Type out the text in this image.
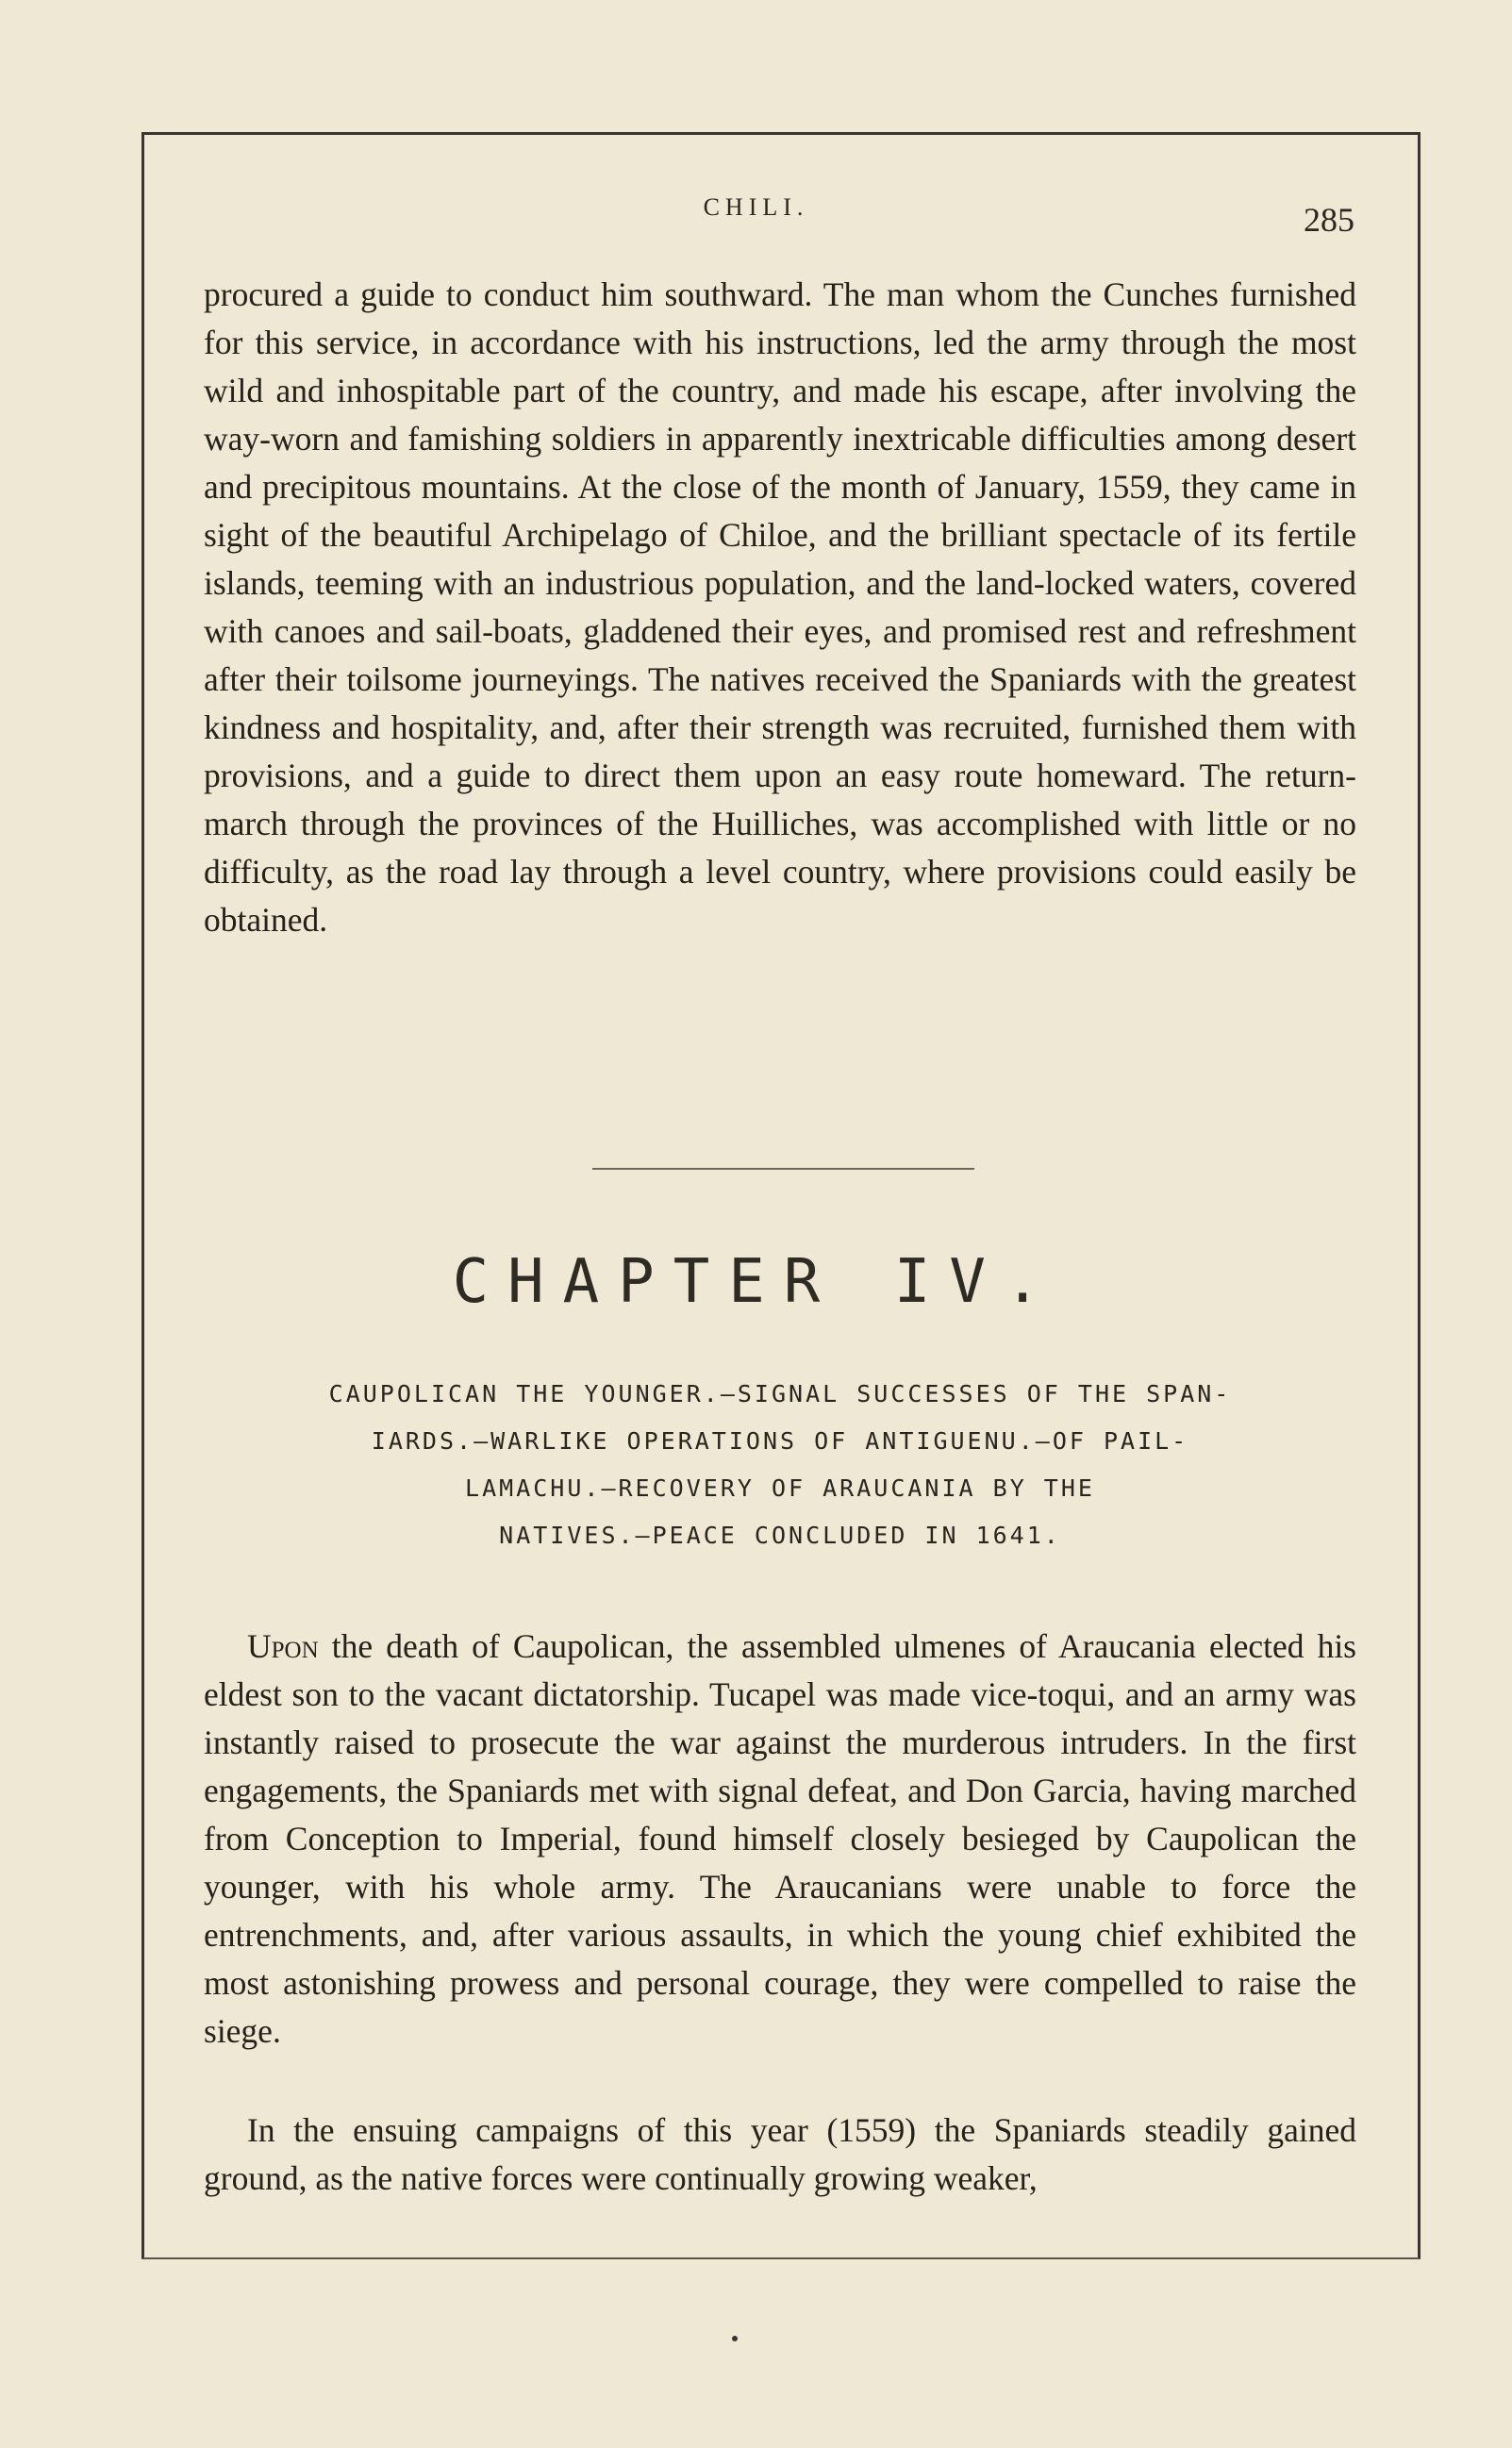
CHILI.	285

procured a guide to conduct him southward. The man whom the Cunches furnished for this service, in accordance with his instructions, led the army through the most wild and inhospitable part of the country, and made his escape, after involving the way-worn and famishing soldiers in apparently inextricable difficulties among desert and precipitous mountains. At the close of the month of January, 1559, they came in sight of the beautiful Archipelago of Chiloe, and the brilliant spectacle of its fertile islands, teeming with an industrious population, and the land-locked waters, covered with canoes and sail-boats, gladdened their eyes, and promised rest and refreshment after their toilsome journeyings. The natives received the Spaniards with the greatest kindness and hospitality, and, after their strength was recruited, furnished them with provisions, and a guide to direct them upon an easy route homeward. The return-march through the provinces of the Huilliches, was accomplished with little or no difficulty, as the road lay through a level country, where provisions could easily be obtained.

CHAPTER IV.
CAUPOLICAN THE YOUNGER.—SIGNAL SUCCESSES OF THE SPAN-
IARDS.—WARLIKE OPERATIONS OF ANTIGUENU.—OF PAIL-
LAMACHU.—RECOVERY OF ARAUCANIA BY THE
NATIVES.—PEACE CONCLUDED IN 1641.

Upon the death of Caupolican, the assembled ulmenes of Araucania elected his eldest son to the vacant dictatorship. Tucapel was made vice-toqui, and an army was instantly raised to prosecute the war against the murderous intruders. In the first engagements, the Spaniards met with signal defeat, and Don Garcia, having marched from Conception to Imperial, found himself closely besieged by Caupolican the younger, with his whole army. The Araucanians were unable to force the entrenchments, and, after various assaults, in which the young chief exhibited the most astonishing prowess and personal courage, they were compelled to raise the siege.

In the ensuing campaigns of this year (1559) the Spaniards steadily gained ground, as the native forces were continually growing weaker,
